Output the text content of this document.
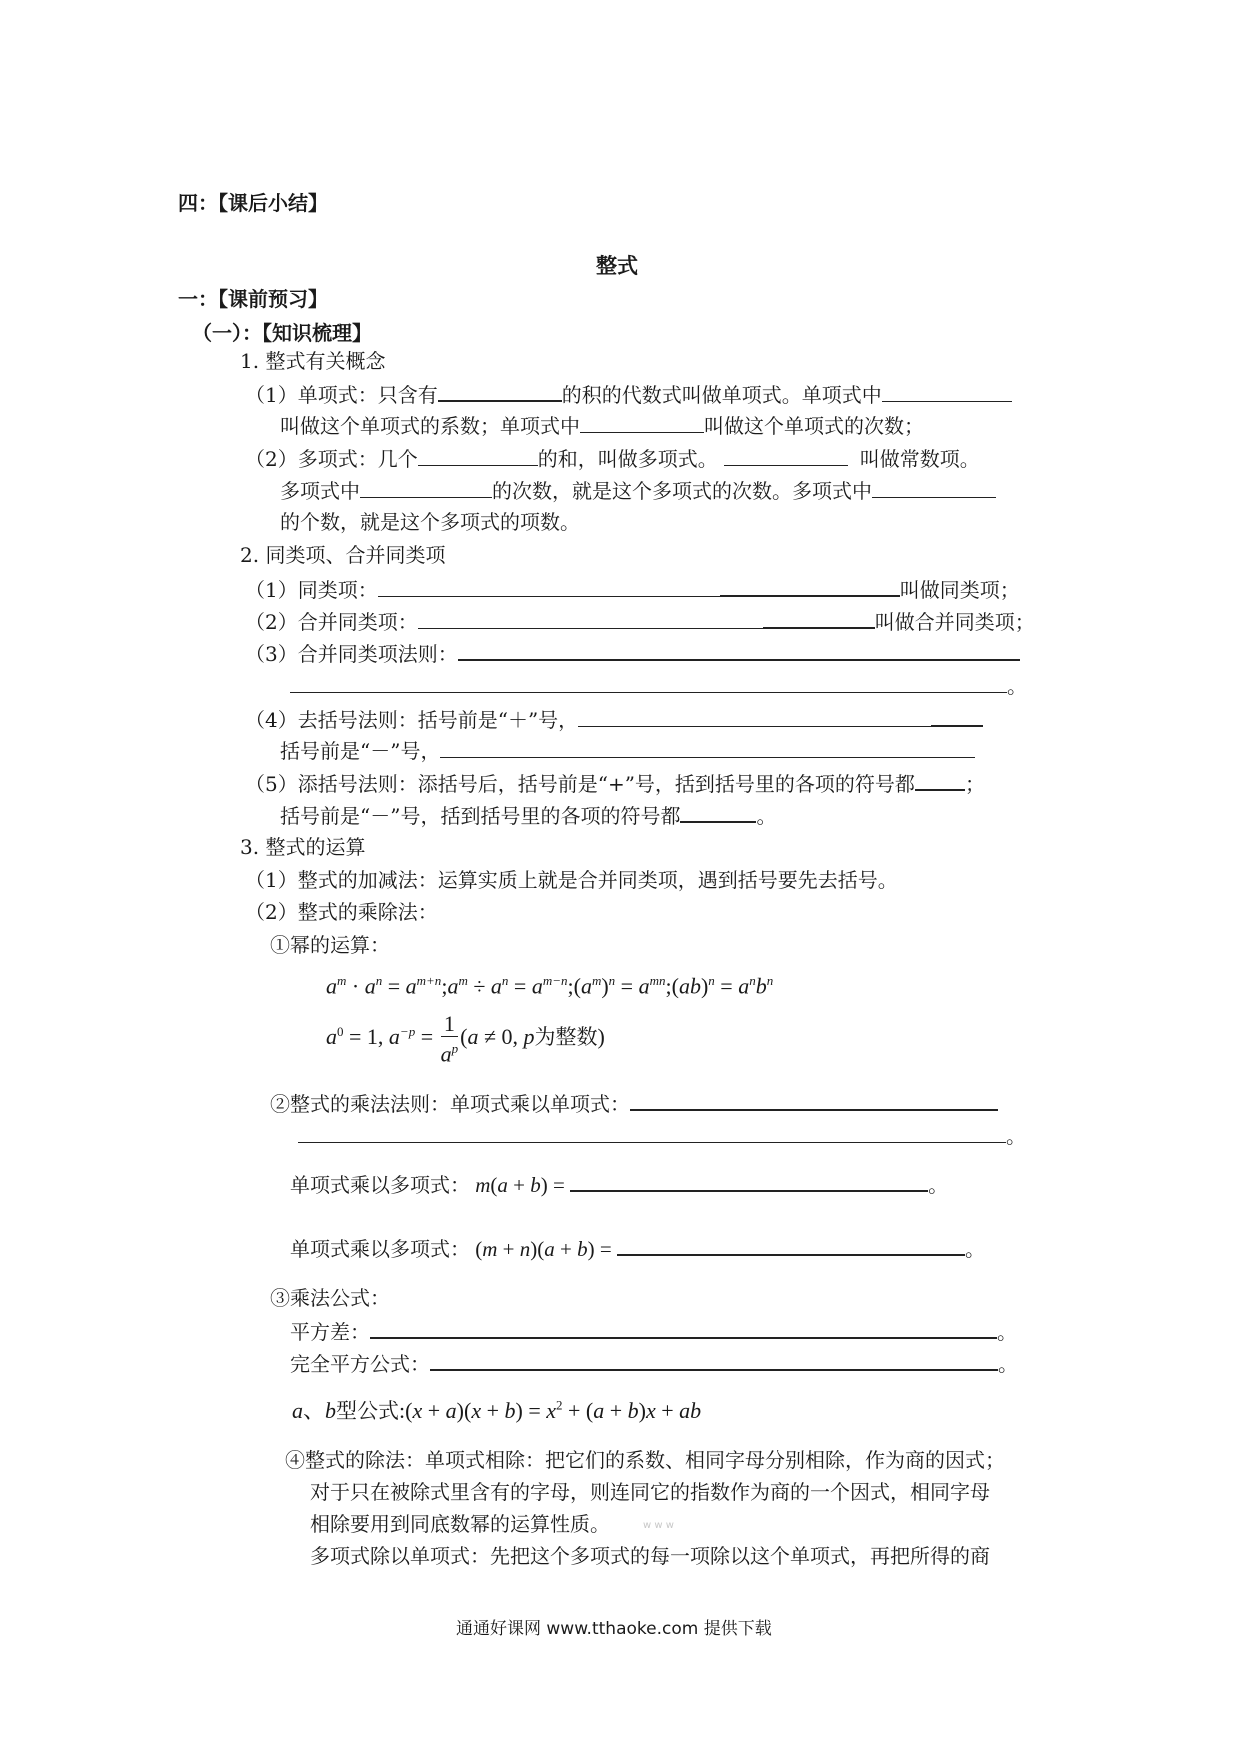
四：【课后小结】
整式
一：【课前预习】
（一）：【知识梳理】
1. 整式有关概念
（1）单项式：只含有	的积的代数式叫做单项式。单项式中
叫做这个单项式的系数；单项式中	叫做这个单项式的次数；
（2）多项式：几个	的和，叫做多项式。	叫做常数项。
多项式中	的次数，就是这个多项式的次数。多项式中
的个数，就是这个多项式的项数。
2. 同类项、合并同类项
（1）同类项：	叫做同类项；
（2）合并同类项：	叫做合并同类项；
（3）合并同类项法则：
。
（4）去括号法则：括号前是“＋”号，
括号前是“－”号，
（5）添括号法则：添括号后，括号前是“+”号，括到括号里的各项的符号都	；
括号前是“－”号，括到括号里的各项的符号都	。
3. 整式的运算
（1）整式的加减法：运算实质上就是合并同类项，遇到括号要先去括号。
（2）整式的乘除法：
①幂的运算：
$a^m \cdot a^n$ = $a^{m+n};a^m \div a^n$ = $a^{m-n};(a^m)^n$ = $a^{mn};(ab)^n = a^nb^n$
$a^0 = 1$, $a^{-p} = \frac{1}{a^p} (a \ne 0$, p为整数)
②整式的乘法法则：单项式乘以单项式：
。
单项式乘以多项式： m(a + b) =	。
单项式乘以多项式： (m + n)(a + b) =	。
③乘法公式：
平方差：	。
完全平方公式：	。
a、b型公式:(x + $a)(x + b) = x^2 + (a + b)x$ + ab
④整式的除法：单项式相除：把它们的系数、相同字母分别相除，作为商的因式；
对于只在被除式里含有的字母，则连同它的指数作为商的一个因式，相同字母
相除要用到同底数幂的运算性质。	w w w
多项式除以单项式：先把这个多项式的每一项除以这个单项式，再把所得的商
通通好课网 www.tthaoke.com 提供下载
